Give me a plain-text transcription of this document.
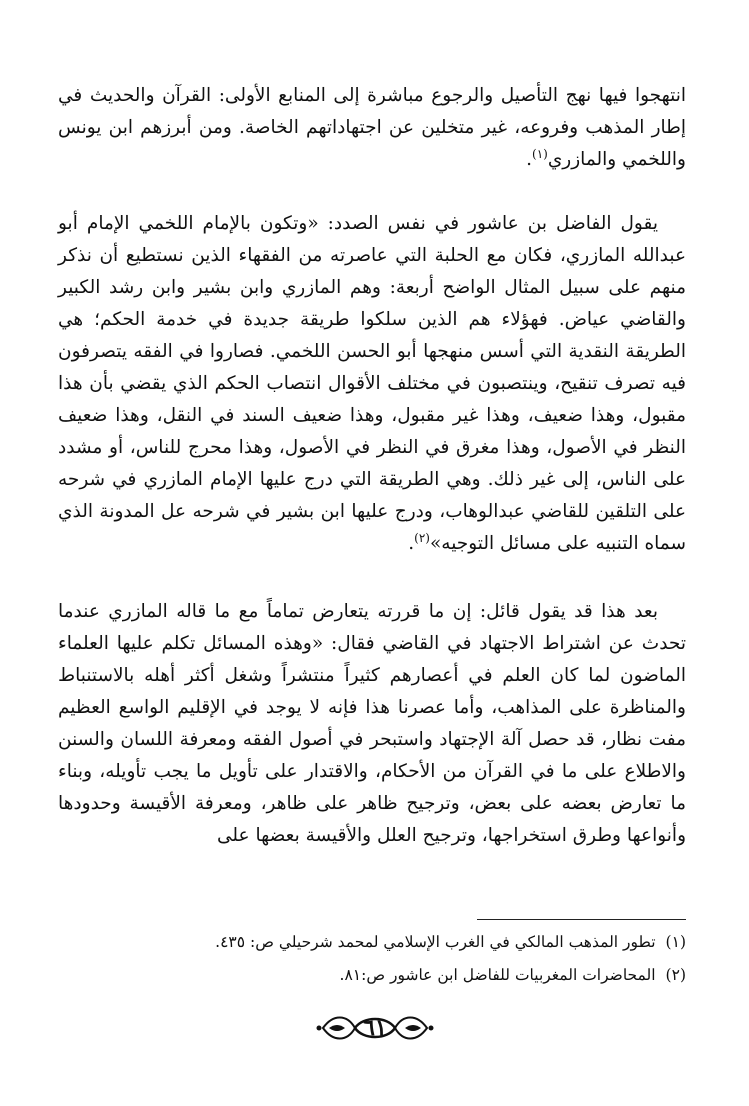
انتهجوا فيها نهج التأصيل والرجوع مباشرة إلى المنابع الأولى: القرآن والحديث في إطار المذهب وفروعه، غير متخلين عن اجتهاداتهم الخاصة. ومن أبرزهم ابن يونس واللخمي والمازري$^{(١)}$.

يقول الفاضل بن عاشور في نفس الصدد: «وتكون بالإمام اللخمي الإمام أبو عبدالله المازري، فكان مع الحلبة التي عاصرته من الفقهاء الذين نستطيع أن نذكر منهم على سبيل المثال الواضح أربعة: وهم المازري وابن بشير وابن رشد الكبير والقاضي عياض. فهؤلاء هم الذين سلكوا طريقة جديدة في خدمة الحكم؛ هي الطريقة النقدية التي أسس منهجها أبو الحسن اللخمي. فصاروا في الفقه يتصرفون فيه تصرف تنقيح، وينتصبون في مختلف الأقوال انتصاب الحكم الذي يقضي بأن هذا مقبول، وهذا ضعيف، وهذا غير مقبول، وهذا ضعيف السند في النقل، وهذا ضعيف النظر في الأصول، وهذا مغرق في النظر في الأصول، وهذا محرج للناس، أو مشدد على الناس، إلى غير ذلك. وهي الطريقة التي درج عليها الإمام المازري في شرحه على التلقين للقاضي عبدالوهاب، ودرج عليها ابن بشير في شرحه عل المدونة الذي سماه التنبيه على مسائل التوجيه»$^{(٢)}$.

بعد هذا قد يقول قائل: إن ما قررته يتعارض تماماً مع ما قاله المازري عندما تحدث عن اشتراط الاجتهاد في القاضي فقال: «وهذه المسائل تكلم عليها العلماء الماضون لما كان العلم في أعصارهم كثيراً منتشراً وشغل أكثر أهله بالاستنباط والمناظرة على المذاهب، وأما عصرنا هذا فإنه لا يوجد في الإقليم الواسع العظيم مفت نظار، قد حصل آلة الإجتهاد واستبحر في أصول الفقه ومعرفة اللسان والسنن والاطلاع على ما في القرآن من الأحكام، والاقتدار على تأويل ما يجب تأويله، وبناء ما تعارض بعضه على بعض، وترجيح ظاهر على ظاهر، ومعرفة الأقيسة وحدودها وأنواعها وطرق استخراجها، وترجيح العلل والأقيسة بعضها على

(١)تطور المذهب المالكي في الغرب الإسلامي لمحمد شرحيلي ص: ٤٣٥.

(٢)المحاضرات المغربيات للفاضل ابن عاشور ص:٨١.

٦١
